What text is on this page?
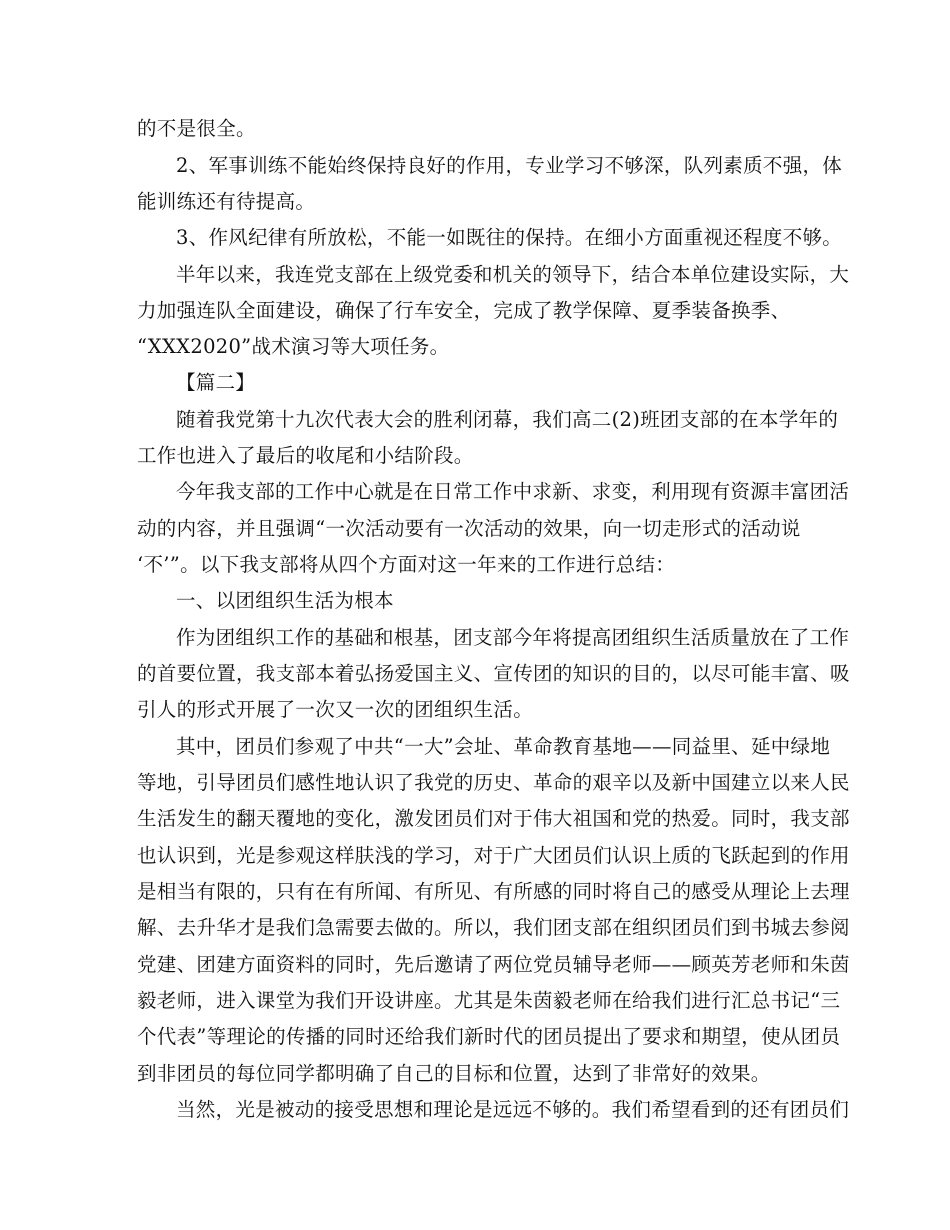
的不是很全。
2、军事训练不能始终保持良好的作用，专业学习不够深，队列素质不强，体
能训练还有待提高。
3、作风纪律有所放松，不能一如既往的保持。在细小方面重视还程度不够。
半年以来，我连党支部在上级党委和机关的领导下，结合本单位建设实际，大
力加强连队全面建设，确保了行车安全，完成了教学保障、夏季装备换季、
“XXX2020”战术演习等大项任务。
【篇二】
随着我党第十九次代表大会的胜利闭幕，我们高二(2)班团支部的在本学年的
工作也进入了最后的收尾和小结阶段。
今年我支部的工作中心就是在日常工作中求新、求变，利用现有资源丰富团活
动的内容，并且强调“一次活动要有一次活动的效果，向一切走形式的活动说
‘不’”。以下我支部将从四个方面对这一年来的工作进行总结：
一、以团组织生活为根本
作为团组织工作的基础和根基，团支部今年将提高团组织生活质量放在了工作
的首要位置，我支部本着弘扬爱国主义、宣传团的知识的目的，以尽可能丰富、吸
引人的形式开展了一次又一次的团组织生活。
其中，团员们参观了中共“一大”会址、革命教育基地——同益里、延中绿地
等地，引导团员们感性地认识了我党的历史、革命的艰辛以及新中国建立以来人民
生活发生的翻天覆地的变化，激发团员们对于伟大祖国和党的热爱。同时，我支部
也认识到，光是参观这样肤浅的学习，对于广大团员们认识上质的飞跃起到的作用
是相当有限的，只有在有所闻、有所见、有所感的同时将自己的感受从理论上去理
解、去升华才是我们急需要去做的。所以，我们团支部在组织团员们到书城去参阅
党建、团建方面资料的同时，先后邀请了两位党员辅导老师——顾英芳老师和朱茵
毅老师，进入课堂为我们开设讲座。尤其是朱茵毅老师在给我们进行汇总书记“三
个代表”等理论的传播的同时还给我们新时代的团员提出了要求和期望，使从团员
到非团员的每位同学都明确了自己的目标和位置，达到了非常好的效果。
当然，光是被动的接受思想和理论是远远不够的。我们希望看到的还有团员们
